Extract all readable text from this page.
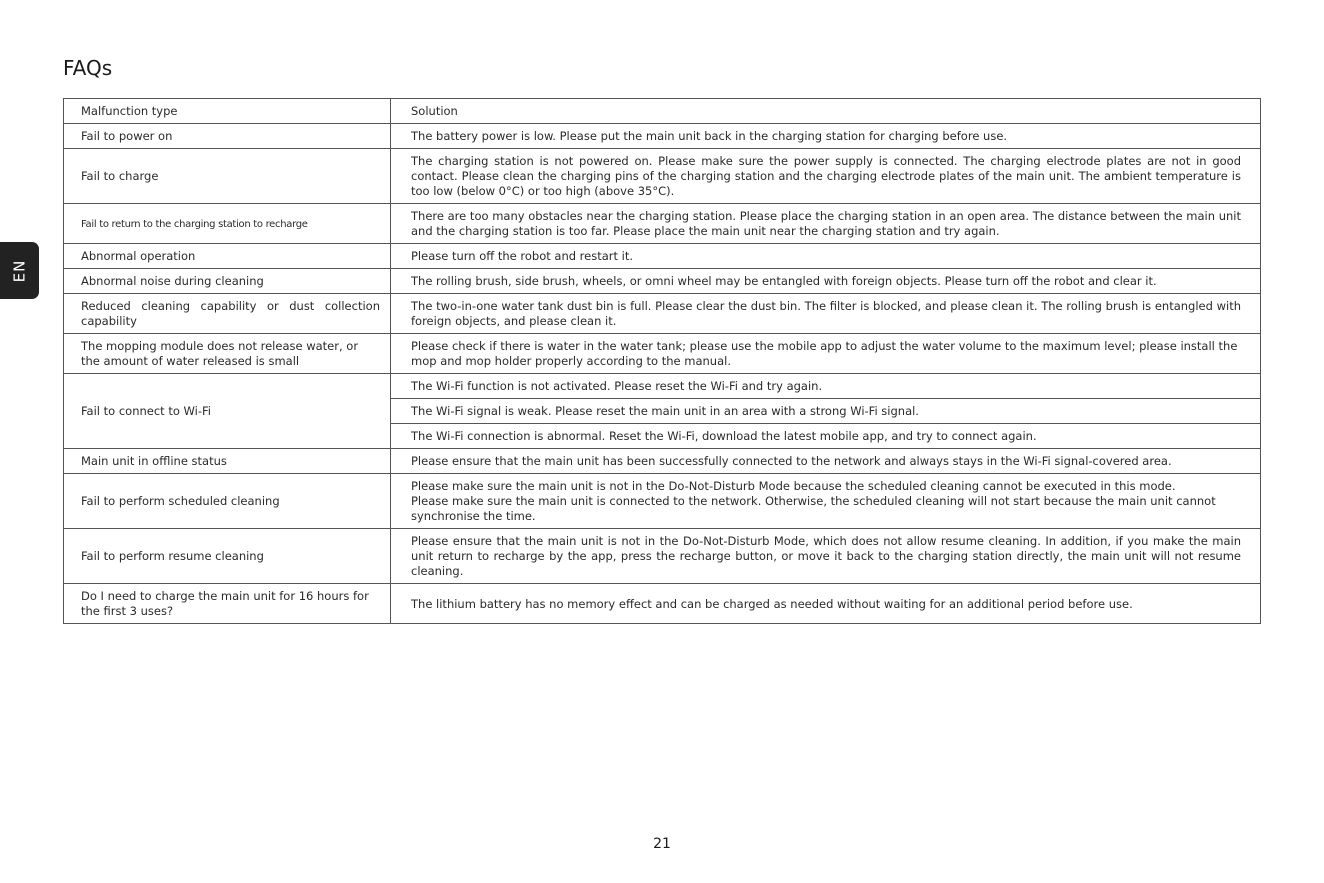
FAQs
EN
Malfunction type	Solution
Fail to power on	The battery power is low. Please put the main unit back in the charging station for charging before use.
Fail to charge	The charging station is not powered on. Please make sure the power supply is connected. The charging electrode plates are not in good contact. Please clean the charging pins of the charging station and the charging electrode plates of the main unit. The ambient temperature is too low (below 0°C) or too high (above 35°C).
Fail to return to the charging station to recharge	There are too many obstacles near the charging station. Please place the charging station in an open area. The distance between the main unit and the charging station is too far. Please place the main unit near the charging station and try again.
Abnormal operation	Please turn off the robot and restart it.
Abnormal noise during cleaning	The rolling brush, side brush, wheels, or omni wheel may be entangled with foreign objects. Please turn off the robot and clear it.
Reduced cleaning capability or dust collection capability	The two-in-one water tank dust bin is full. Please clear the dust bin. The filter is blocked, and please clean it. The rolling brush is entangled with foreign objects, and please clean it.
The mopping module does not release water, or the amount of water released is small	Please check if there is water in the water tank; please use the mobile app to adjust the water volume to the maximum level; please install the mop and mop holder properly according to the manual.
Fail to connect to Wi-Fi	The Wi-Fi function is not activated. Please reset the Wi-Fi and try again.
	The Wi-Fi signal is weak. Please reset the main unit in an area with a strong Wi-Fi signal.
	The Wi-Fi connection is abnormal. Reset the Wi-Fi, download the latest mobile app, and try to connect again.
Main unit in offline status	Please ensure that the main unit has been successfully connected to the network and always stays in the Wi-Fi signal-covered area.
Fail to perform scheduled cleaning	Please make sure the main unit is not in the Do-Not-Disturb Mode because the scheduled cleaning cannot be executed in this mode.
Please make sure the main unit is connected to the network. Otherwise, the scheduled cleaning will not start because the main unit cannot synchronise the time.

Fail to perform resume cleaning	Please ensure that the main unit is not in the Do-Not-Disturb Mode, which does not allow resume cleaning. In addition, if you make the main unit return to recharge by the app, press the recharge button, or move it back to the charging station directly, the main unit will not resume cleaning.
Do I need to charge the main unit for 16 hours for the first 3 uses?	The lithium battery has no memory effect and can be charged as needed without waiting for an additional period before use.
21
